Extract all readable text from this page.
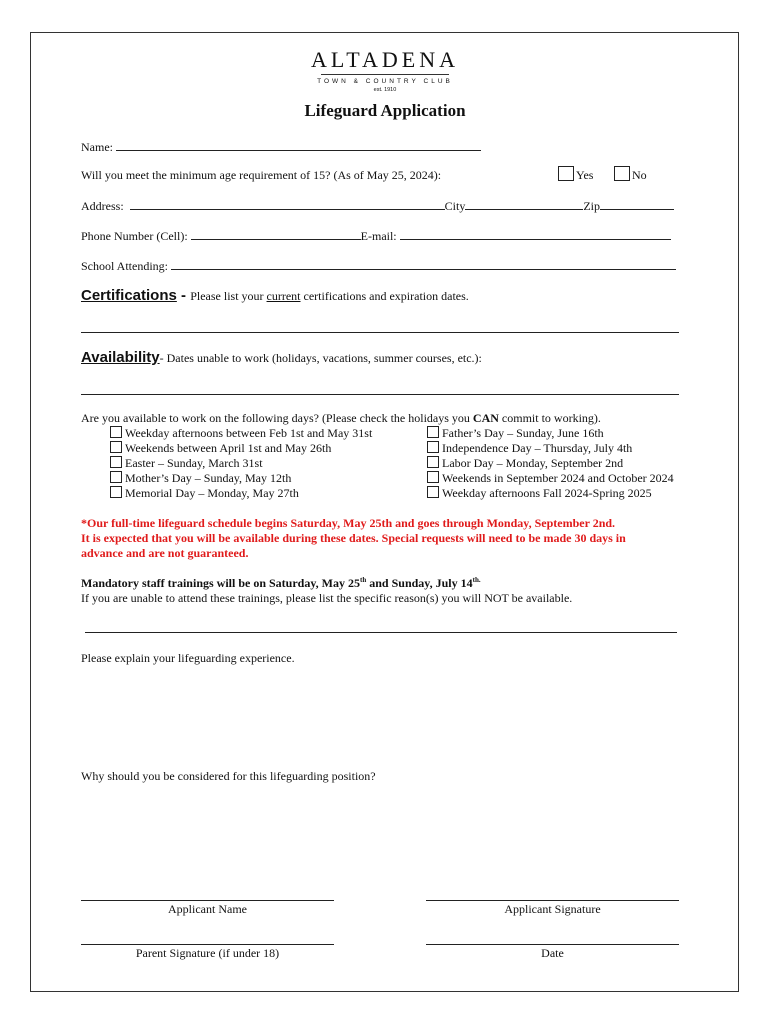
ALTADENA
TOWN & COUNTRY CLUB
est. 1910
Lifeguard Application
Name:
Will you meet the minimum age requirement of 15? (As of May 25, 2024):	Yes	No
Address:	City	Zip
Phone Number (Cell):	E-mail:
School Attending:
Certifications - Please list your current certifications and expiration dates.
Availability- Dates unable to work (holidays, vacations, summer courses, etc.):
Are you available to work on the following days? (Please check the holidays you CAN commit to working).
Weekday afternoons between Feb 1st and May 31st
Weekends between April 1st and May 26th
Easter – Sunday, March 31st
Mother’s Day – Sunday, May 12th
Memorial Day – Monday, May 27th
Father’s Day – Sunday, June 16th
Independence Day – Thursday, July 4th
Labor Day – Monday, September 2nd
Weekends in September 2024 and October 2024
Weekday afternoons Fall 2024-Spring 2025
*Our full-time lifeguard schedule begins Saturday, May 25th and goes through Monday, September 2nd.
It is expected that you will be available during these dates. Special requests will need to be made 30 days in
advance and are not guaranteed.
Mandatory staff trainings will be on Saturday, May 25th and Sunday, July $14^{th.}$
If you are unable to attend these trainings, please list the specific reason(s) you will NOT be available.
Please explain your lifeguarding experience.
Why should you be considered for this lifeguarding position?
Applicant Name	Applicant Signature
Parent Signature (if under 18)	Date
